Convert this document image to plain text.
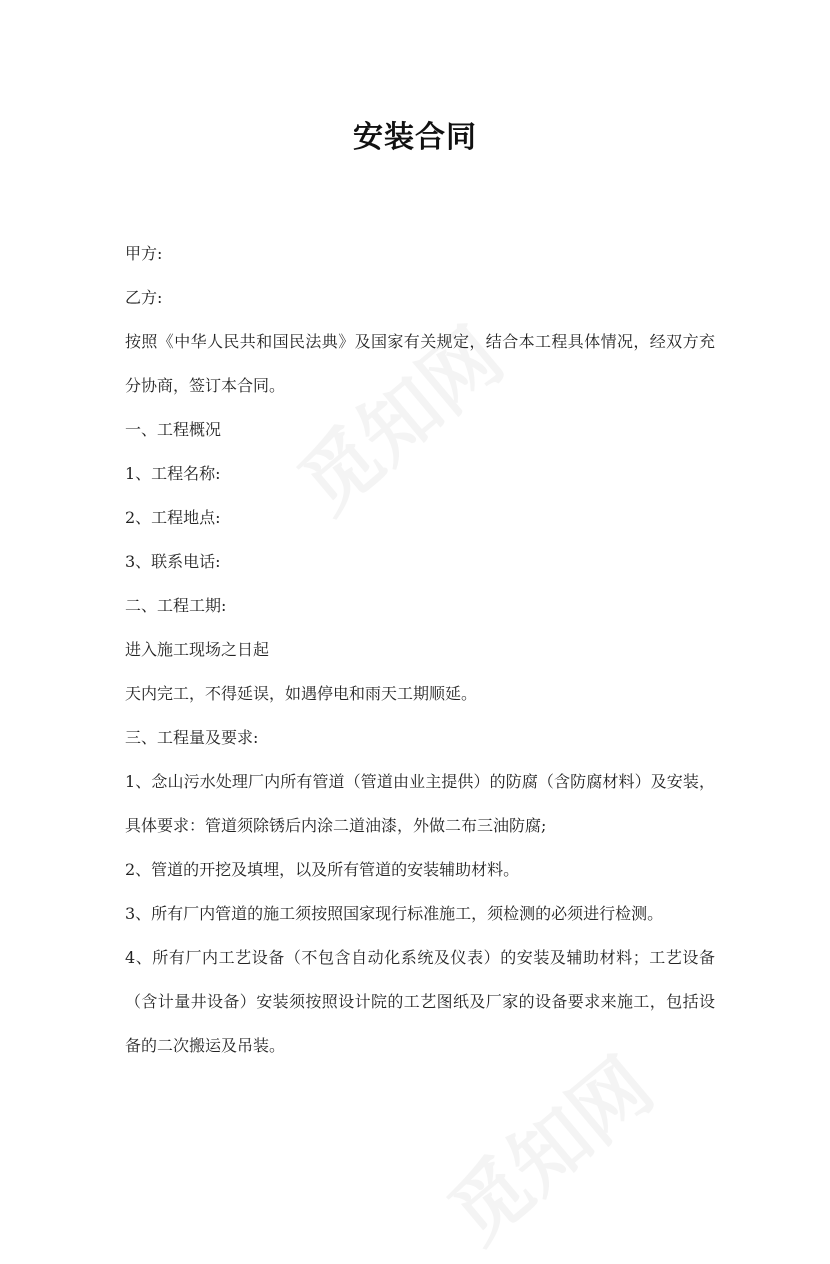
安装合同

甲方:

乙方:

按照《中华人民共和国民法典》及国家有关规定，结合本工程具体情况，经双方充分协商，签订本合同。

一、工程概况

1、工程名称:

2、工程地点:

3、联系电话:

二、工程工期:

进入施工现场之日起

天内完工，不得延误，如遇停电和雨天工期顺延。

三、工程量及要求:

1、念山污水处理厂内所有管道（管道由业主提供）的防腐（含防腐材料）及安装，具体要求：管道须除锈后内涂二道油漆，外做二布三油防腐;

2、管道的开挖及填埋，以及所有管道的安装辅助材料。

3、所有厂内管道的施工须按照国家现行标准施工，须检测的必须进行检测。

4、所有厂内工艺设备（不包含自动化系统及仪表）的安装及辅助材料；工艺设备（含计量井设备）安装须按照设计院的工艺图纸及厂家的设备要求来施工，包括设备的二次搬运及吊装。
